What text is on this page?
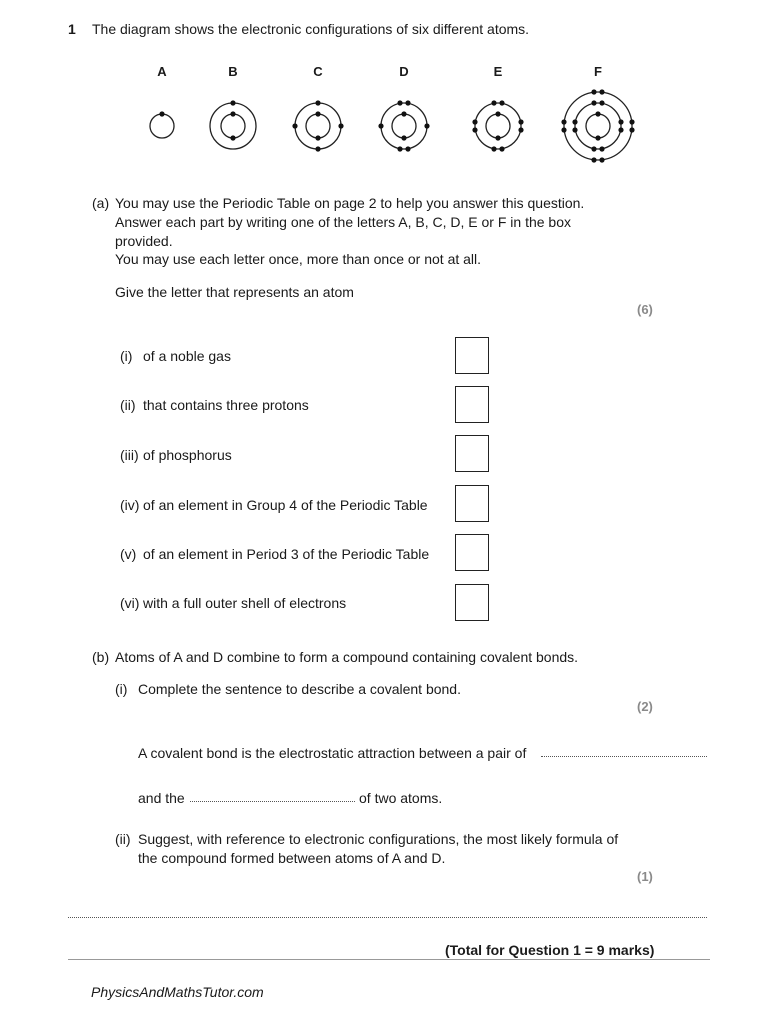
1 The diagram shows the electronic configurations of six different atoms.
A	B	C	D	E	F
(a) You may use the Periodic Table on page 2 to help you answer this question.
Answer each part by writing one of the letters A, B, C, D, E or F in the box
provided.
You may use each letter once, more than once or not at all.
Give the letter that represents an atom
(6)
(i) of a noble gas
(ii) that contains three protons
(iii) of phosphorus
(iv) of an element in Group 4 of the Periodic Table
(v) of an element in Period 3 of the Periodic Table
(vi) with a full outer shell of electrons
(b) Atoms of A and D combine to form a compound containing covalent bonds.
(i) Complete the sentence to describe a covalent bond.
(2)
A covalent bond is the electrostatic attraction between a pair of
and the	of two atoms.
(ii) Suggest, with reference to electronic configurations, the most likely formula of
the compound formed between atoms of A and D.
(1)
(Total for Question 1 = 9 marks)
PhysicsAndMathsTutor.com
